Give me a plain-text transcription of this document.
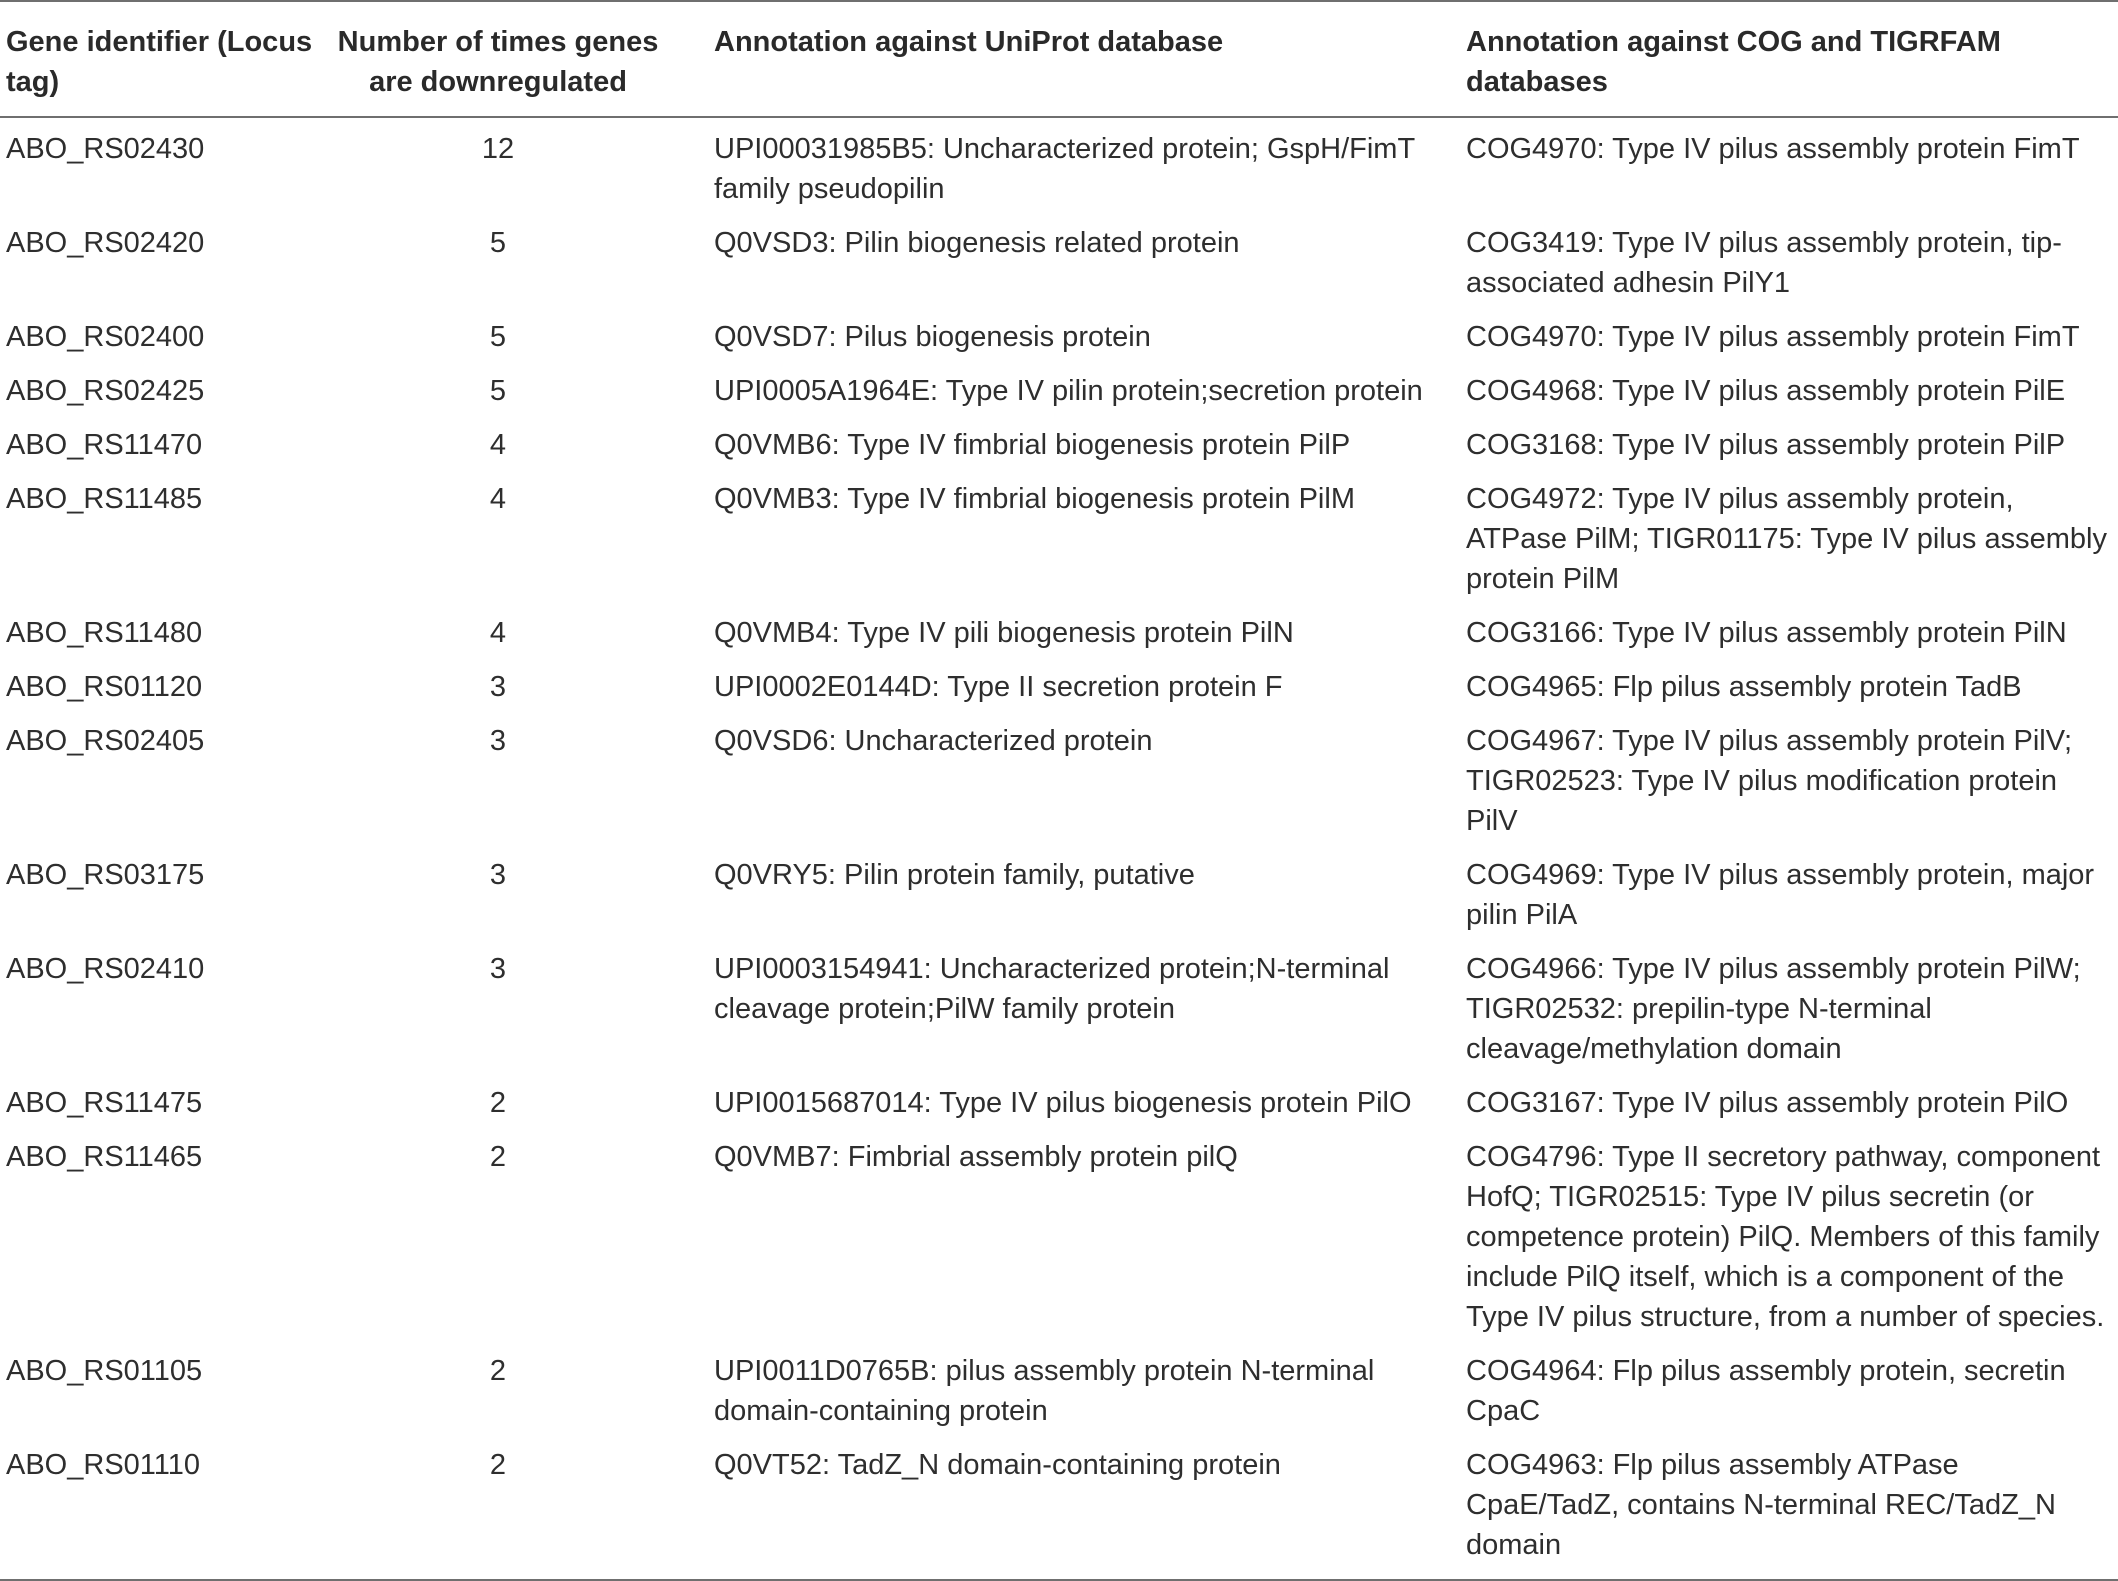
Gene identifier (Locus tag)	Number of times genes are downregulated	Annotation against UniProt database	Annotation against COG and TIGRFAM databases
ABO_RS02430	12	UPI00031985B5: Uncharacterized protein; GspH/FimT family pseudopilin	COG4970: Type IV pilus assembly protein FimT
ABO_RS02420	5	Q0VSD3: Pilin biogenesis related protein	COG3419: Type IV pilus assembly protein, tip-associated adhesin PilY1
ABO_RS02400	5	Q0VSD7: Pilus biogenesis protein	COG4970: Type IV pilus assembly protein FimT
ABO_RS02425	5	UPI0005A1964E: Type IV pilin protein;secretion protein	COG4968: Type IV pilus assembly protein PilE
ABO_RS11470	4	Q0VMB6: Type IV fimbrial biogenesis protein PilP	COG3168: Type IV pilus assembly protein PilP
ABO_RS11485	4	Q0VMB3: Type IV fimbrial biogenesis protein PilM	COG4972: Type IV pilus assembly protein, ATPase PilM; TIGR01175: Type IV pilus assembly protein PilM
ABO_RS11480	4	Q0VMB4: Type IV pili biogenesis protein PilN	COG3166: Type IV pilus assembly protein PilN
ABO_RS01120	3	UPI0002E0144D: Type II secretion protein F	COG4965: Flp pilus assembly protein TadB
ABO_RS02405	3	Q0VSD6: Uncharacterized protein	COG4967: Type IV pilus assembly protein PilV; TIGR02523: Type IV pilus modification protein PilV
ABO_RS03175	3	Q0VRY5: Pilin protein family, putative	COG4969: Type IV pilus assembly protein, major pilin PilA
ABO_RS02410	3	UPI0003154941: Uncharacterized protein;N-terminal cleavage protein;PilW family protein	COG4966: Type IV pilus assembly protein PilW; TIGR02532: prepilin-type N-terminal cleavage/methylation domain
ABO_RS11475	2	UPI0015687014: Type IV pilus biogenesis protein PilO	COG3167: Type IV pilus assembly protein PilO
ABO_RS11465	2	Q0VMB7: Fimbrial assembly protein pilQ	COG4796: Type II secretory pathway, component HofQ; TIGR02515: Type IV pilus secretin (or competence protein) PilQ. Members of this family include PilQ itself, which is a component of the Type IV pilus structure, from a number of species.
ABO_RS01105	2	UPI0011D0765B: pilus assembly protein N-terminal domain-containing protein	COG4964: Flp pilus assembly protein, secretin CpaC
ABO_RS01110	2	Q0VT52: TadZ_N domain-containing protein	COG4963: Flp pilus assembly ATPase CpaE/TadZ, contains N-terminal REC/TadZ_N domain
